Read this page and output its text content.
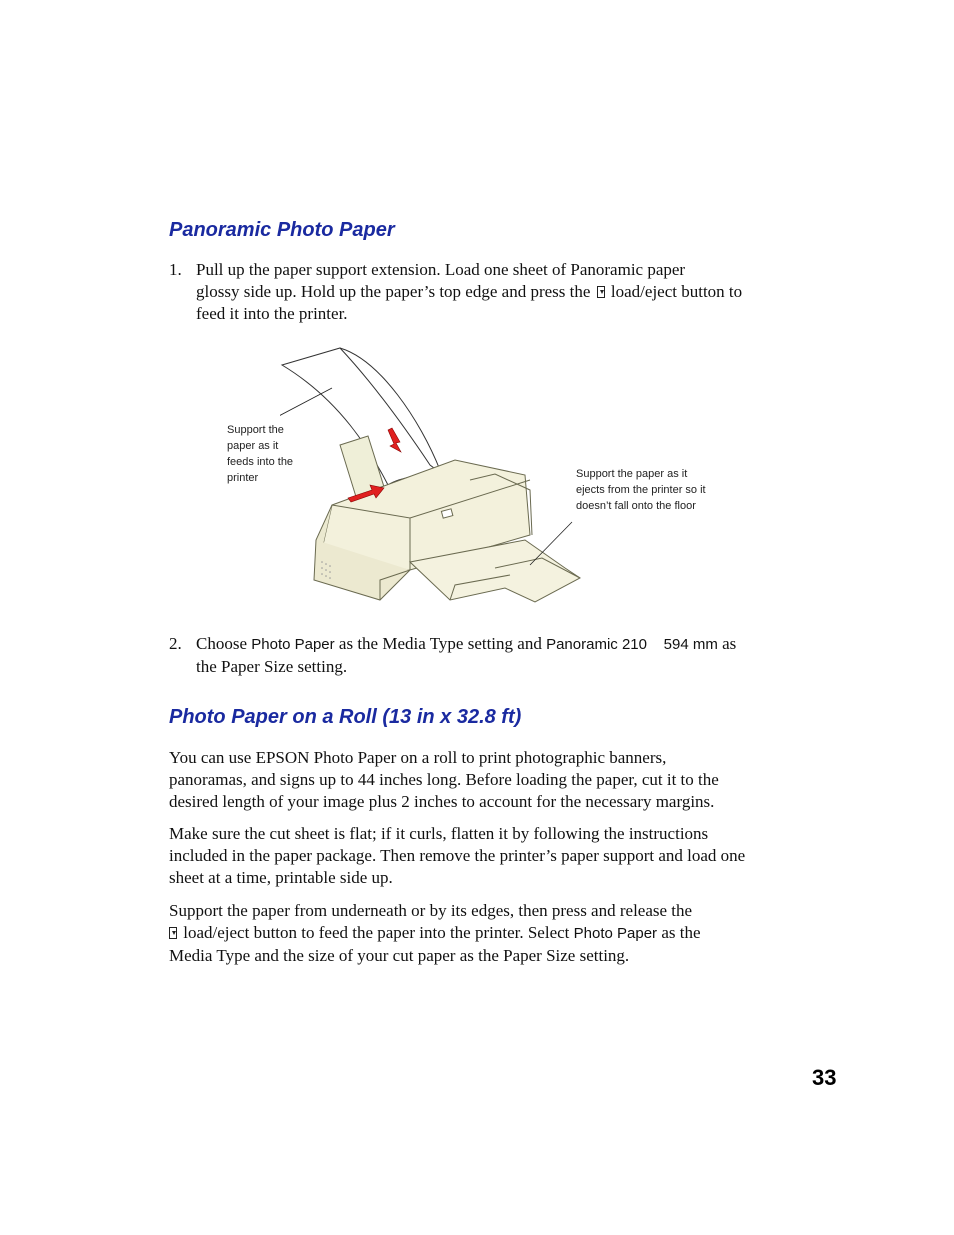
Panoramic Photo Paper
1. Pull up the paper support extension. Load one sheet of Panoramic paper
glossy side up. Hold up the paper’s top edge and press the load/eject button to
feed it into the printer.
Support the
paper as it
feeds into the
printer	Support the paper as it
ejects from the printer so it
doesn’t fall onto the floor
2. Choose Photo Paper as the Media Type setting and Panoramic 210    594 mm as
the Paper Size setting.
Photo Paper on a Roll (13 in x 32.8 ft)
You can use EPSON Photo Paper on a roll to print photographic banners,
panoramas, and signs up to 44 inches long. Before loading the paper, cut it to the
desired length of your image plus 2 inches to account for the necessary margins.
Make sure the cut sheet is flat; if it curls, flatten it by following the instructions
included in the paper package. Then remove the printer’s paper support and load one
sheet at a time, printable side up.
Support the paper from underneath or by its edges, then press and release the
load/eject button to feed the paper into the printer. Select Photo Paper as the
Media Type and the size of your cut paper as the Paper Size setting.

33
